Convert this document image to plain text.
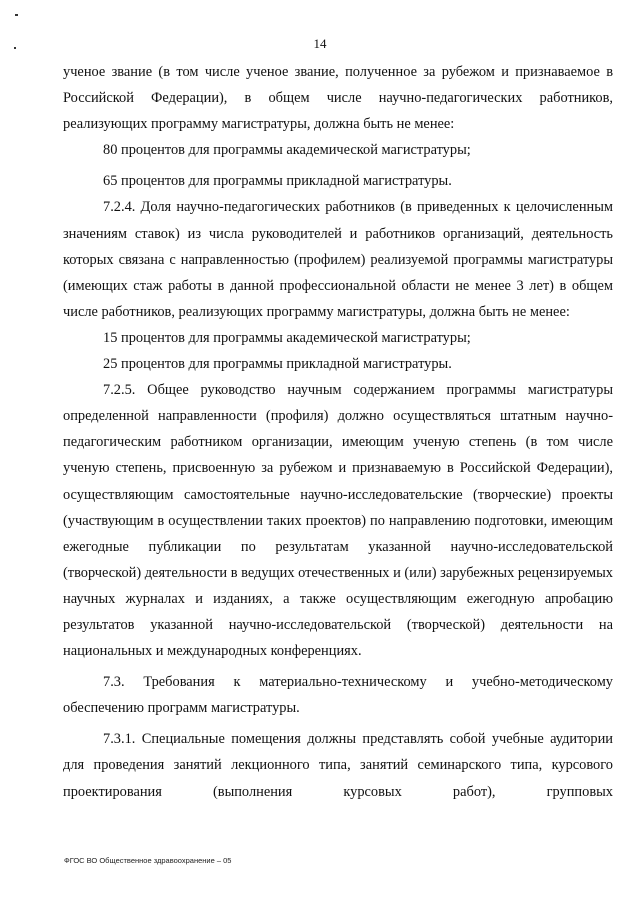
14

ученое звание (в том числе ученое звание, полученное за рубежом и признаваемое в Российской Федерации), в общем числе научно-педагогических работников, реализующих программу магистратуры, должна быть не менее:

80 процентов для программы академической магистратуры;

65 процентов для программы прикладной магистратуры.

7.2.4. Доля научно-педагогических работников (в приведенных к целочисленным значениям ставок) из числа руководителей и работников организаций, деятельность которых связана с направленностью (профилем) реализуемой программы магистратуры (имеющих стаж работы в данной профессиональной области не менее 3 лет) в общем числе работников, реализующих программу магистратуры, должна быть не менее:

15 процентов для программы академической магистратуры;

25 процентов для программы прикладной магистратуры.

7.2.5. Общее руководство научным содержанием программы магистратуры определенной направленности (профиля) должно осуществляться штатным научно-педагогическим работником организации, имеющим ученую степень (в том числе ученую степень, присвоенную за рубежом и признаваемую в Российской Федерации), осуществляющим самостоятельные научно-исследовательские (творческие) проекты (участвующим в осуществлении таких проектов) по направлению подготовки, имеющим ежегодные публикации по результатам указанной научно-исследовательской (творческой) деятельности в ведущих отечественных и (или) зарубежных рецензируемых научных журналах и изданиях, а также осуществляющим ежегодную апробацию результатов указанной научно-исследовательской (творческой) деятельности на национальных и международных конференциях.

7.3. Требования к материально-техническому и учебно-методическому обеспечению программ магистратуры.

7.3.1. Специальные помещения должны представлять собой учебные аудитории для проведения занятий лекционного типа, занятий семинарского типа, курсового проектирования (выполнения курсовых работ), групповых

ФГОС ВО Общественное здравоохранение – 05
